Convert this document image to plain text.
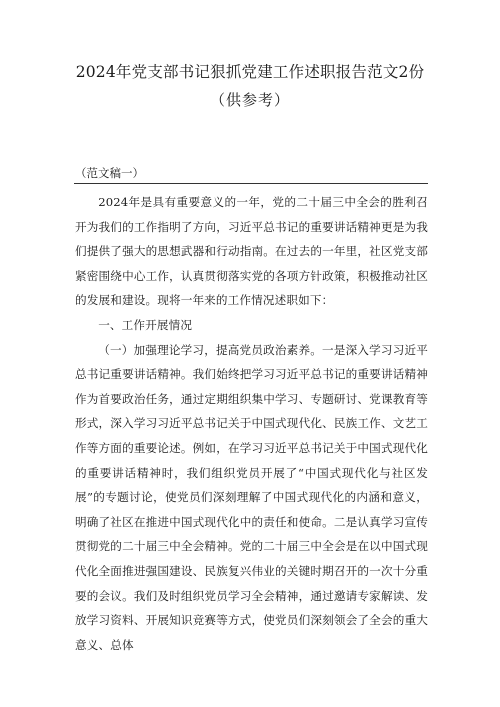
2024年党支部书记狠抓党建工作述职报告范文2份
（供参考）
（范文稿一）

2024年是具有重要意义的一年，党的二十届三中全会的胜利召开为我们的工作指明了方向，习近平总书记的重要讲话精神更是为我们提供了强大的思想武器和行动指南。在过去的一年里，社区党支部紧密围绕中心工作，认真贯彻落实党的各项方针政策，积极推动社区的发展和建设。现将一年来的工作情况述职如下：

一、工作开展情况

（一）加强理论学习，提高党员政治素养。一是深入学习习近平总书记重要讲话精神。我们始终把学习习近平总书记的重要讲话精神作为首要政治任务，通过定期组织集中学习、专题研讨、党课教育等形式，深入学习习近平总书记关于中国式现代化、民族工作、文艺工作等方面的重要论述。例如，在学习习近平总书记关于中国式现代化的重要讲话精神时，我们组织党员开展了“中国式现代化与社区发展”的专题讨论，使党员们深刻理解了中国式现代化的内涵和意义，明确了社区在推进中国式现代化中的责任和使命。二是认真学习宣传贯彻党的二十届三中全会精神。党的二十届三中全会是在以中国式现代化全面推进强国建设、民族复兴伟业的关键时期召开的一次十分重要的会议。我们及时组织党员学习全会精神，通过邀请专家解读、发放学习资料、开展知识竞赛等方式，使党员们深刻领会了全会的重大意义、总体
